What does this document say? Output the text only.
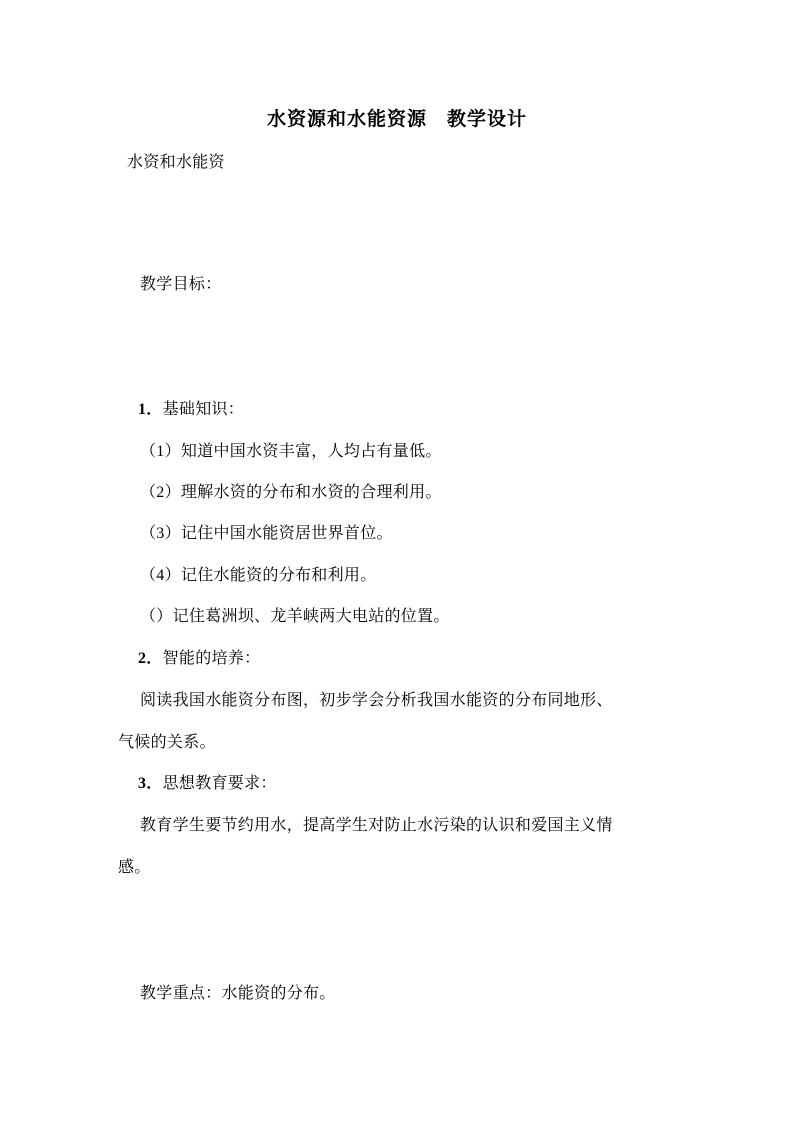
水资源和水能资源　教学设计
水资和水能资
教学目标：
1．基础知识：
（1）知道中国水资丰富，人均占有量低。
（2）理解水资的分布和水资的合理利用。
（3）记住中国水能资居世界首位。
（4）记住水能资的分布和利用。
（）记住葛洲坝、龙羊峡两大电站的位置。
2．智能的培养：
阅读我国水能资分布图，初步学会分析我国水能资的分布同地形、
气候的关系。
3．思想教育要求：
教育学生要节约用水，提高学生对防止水污染的认识和爱国主义情
感。
教学重点：水能资的分布。
